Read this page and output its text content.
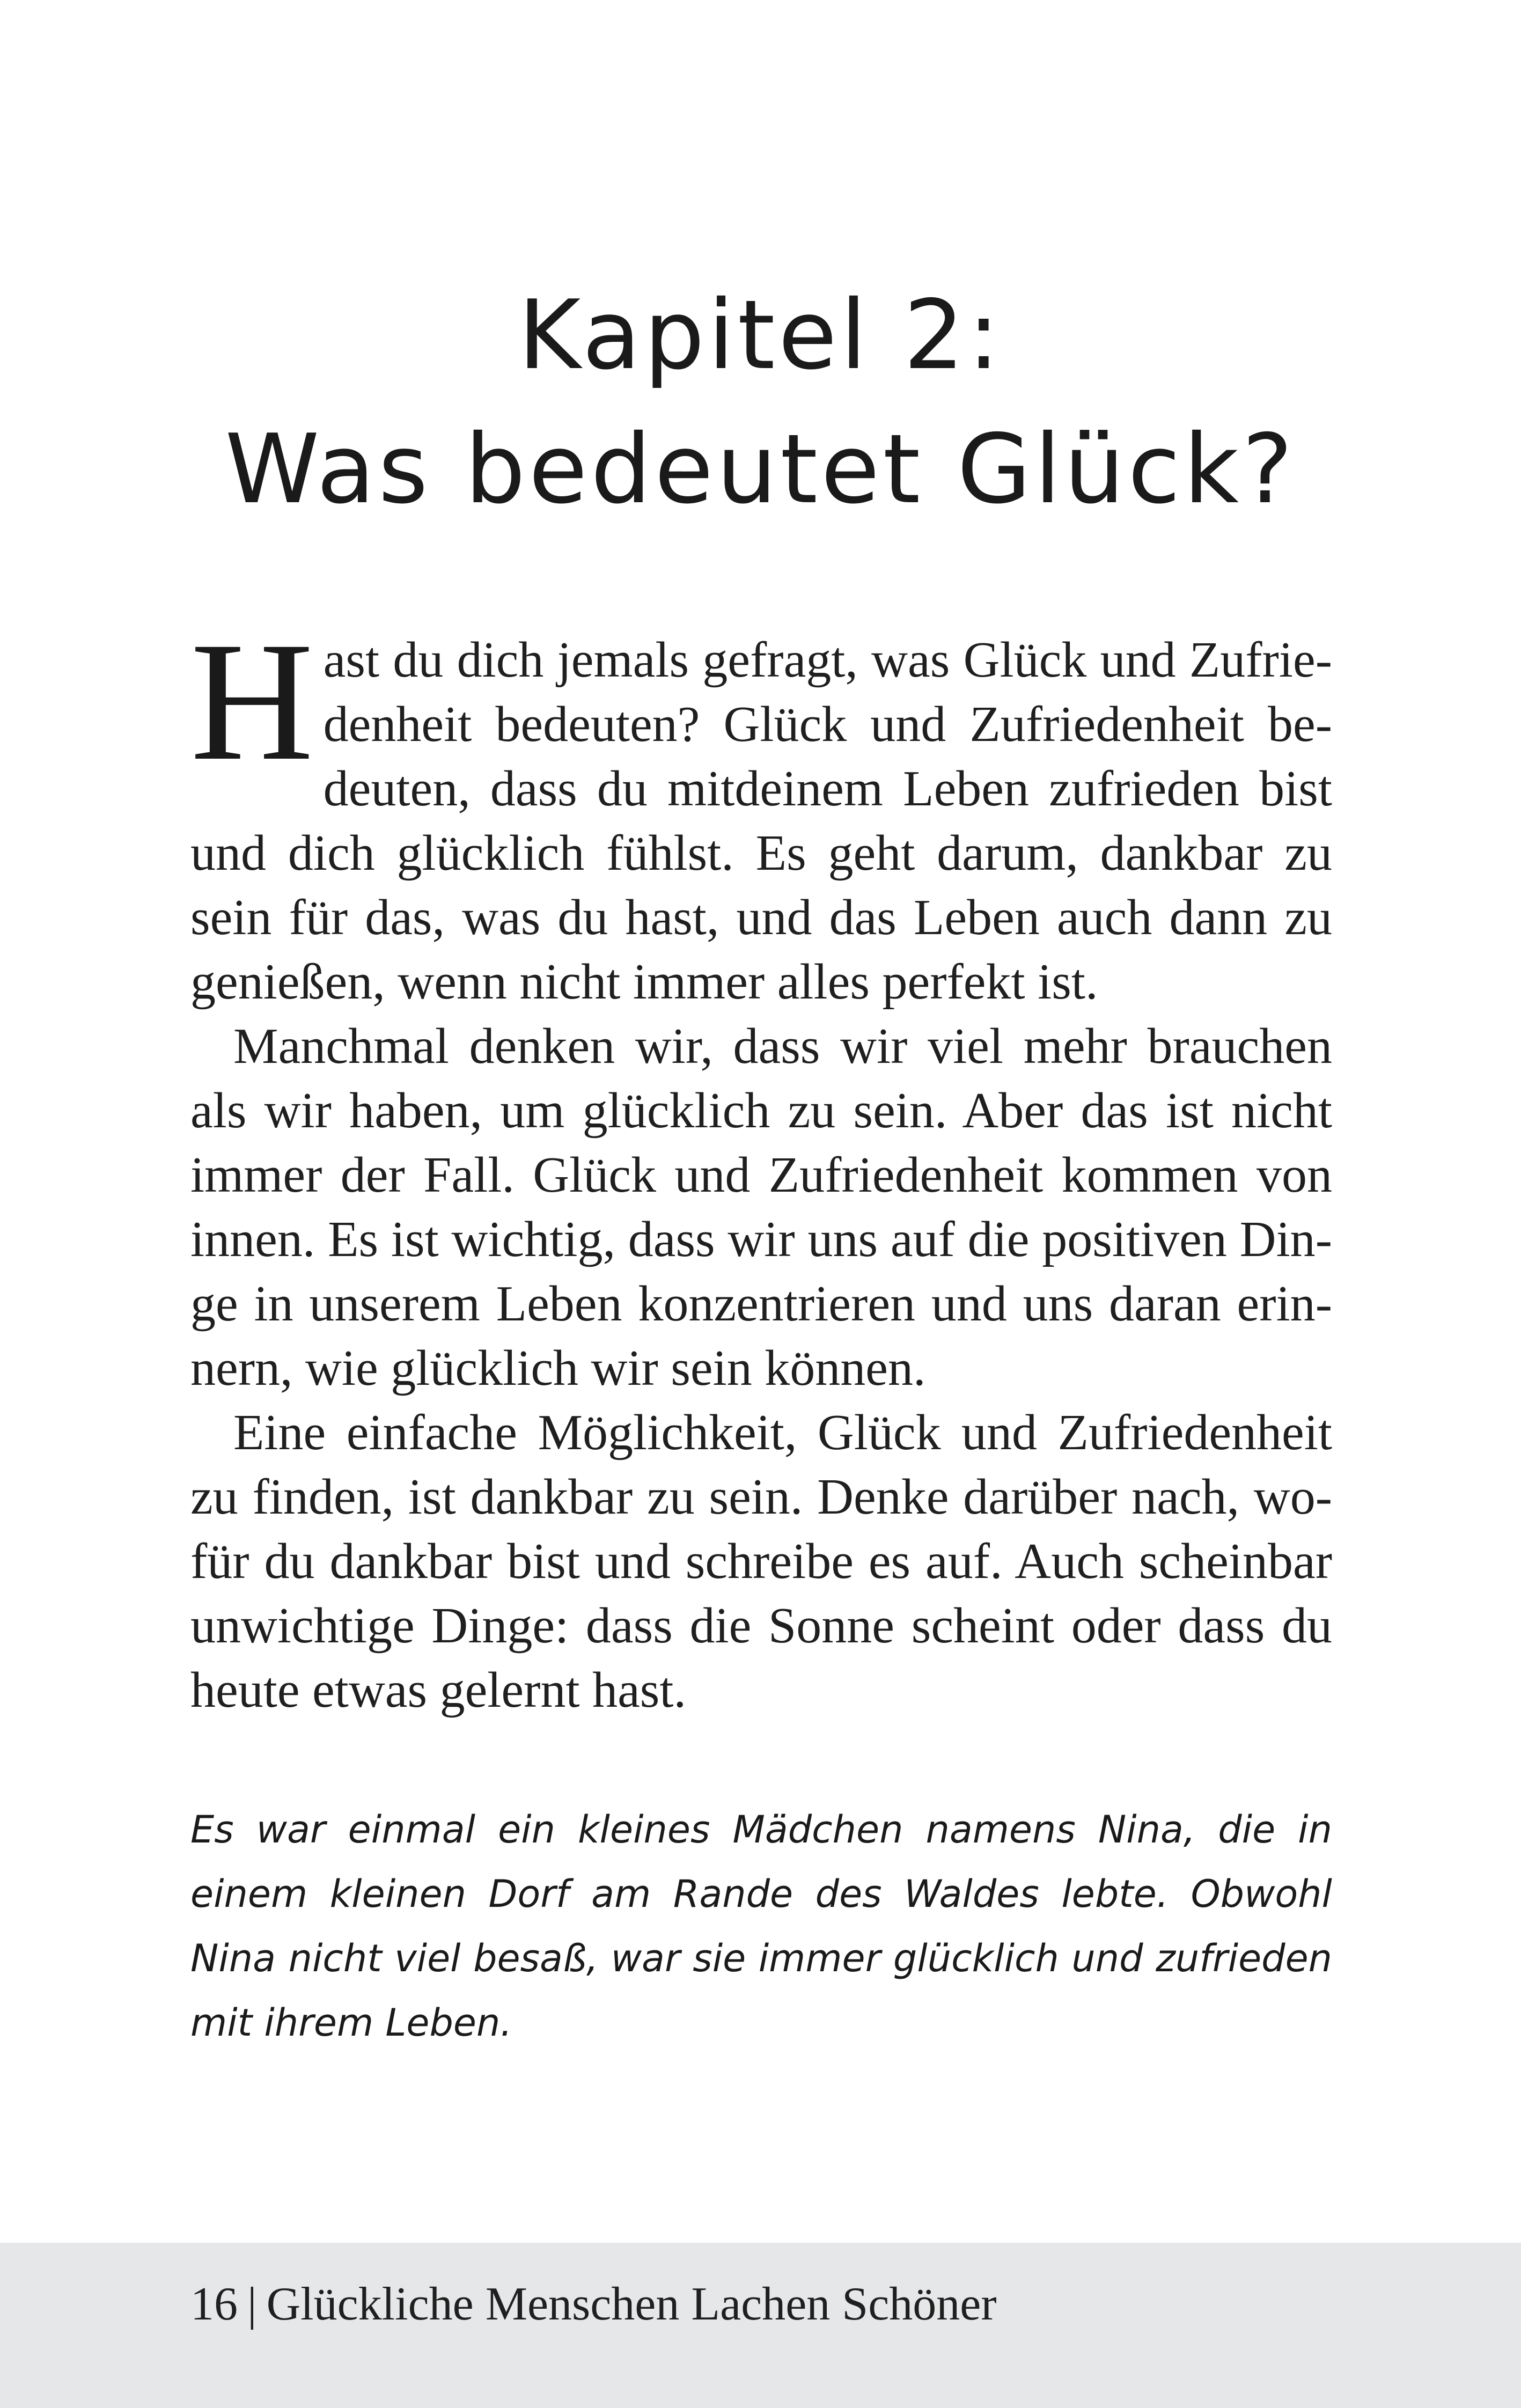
Kapitel 2:
Was bedeutet Glück?

Hast du dich jemals gefragt, was Glück und Zufriedenheit bedeuten? Glück und Zufriedenheit bedeuten, dass du mitdeinem Leben zufrieden bist und dich glücklich fühlst. Es geht darum, dankbar zu sein für das, was du hast, und das Leben auch dann zu genießen, wenn nicht immer alles perfekt ist.

Manchmal denken wir, dass wir viel mehr brauchen als wir haben, um glücklich zu sein. Aber das ist nicht immer der Fall. Glück und Zufriedenheit kommen von innen. Es ist wichtig, dass wir uns auf die positiven Dinge in unserem Leben konzentrieren und uns daran erinnern, wie glücklich wir sein können.

Eine einfache Möglichkeit, Glück und Zufriedenheit zu finden, ist dankbar zu sein. Denke darüber nach, wofür du dankbar bist und schreibe es auf. Auch scheinbar unwichtige Dinge: dass die Sonne scheint oder dass du heute etwas gelernt hast.

Es war einmal ein kleines Mädchen namens Nina, die in einem kleinen Dorf am Rande des Waldes lebte. Obwohl Nina nicht viel besaß, war sie immer glücklich und zufrieden mit ihrem Leben.
16 | Glückliche Menschen Lachen Schöner
